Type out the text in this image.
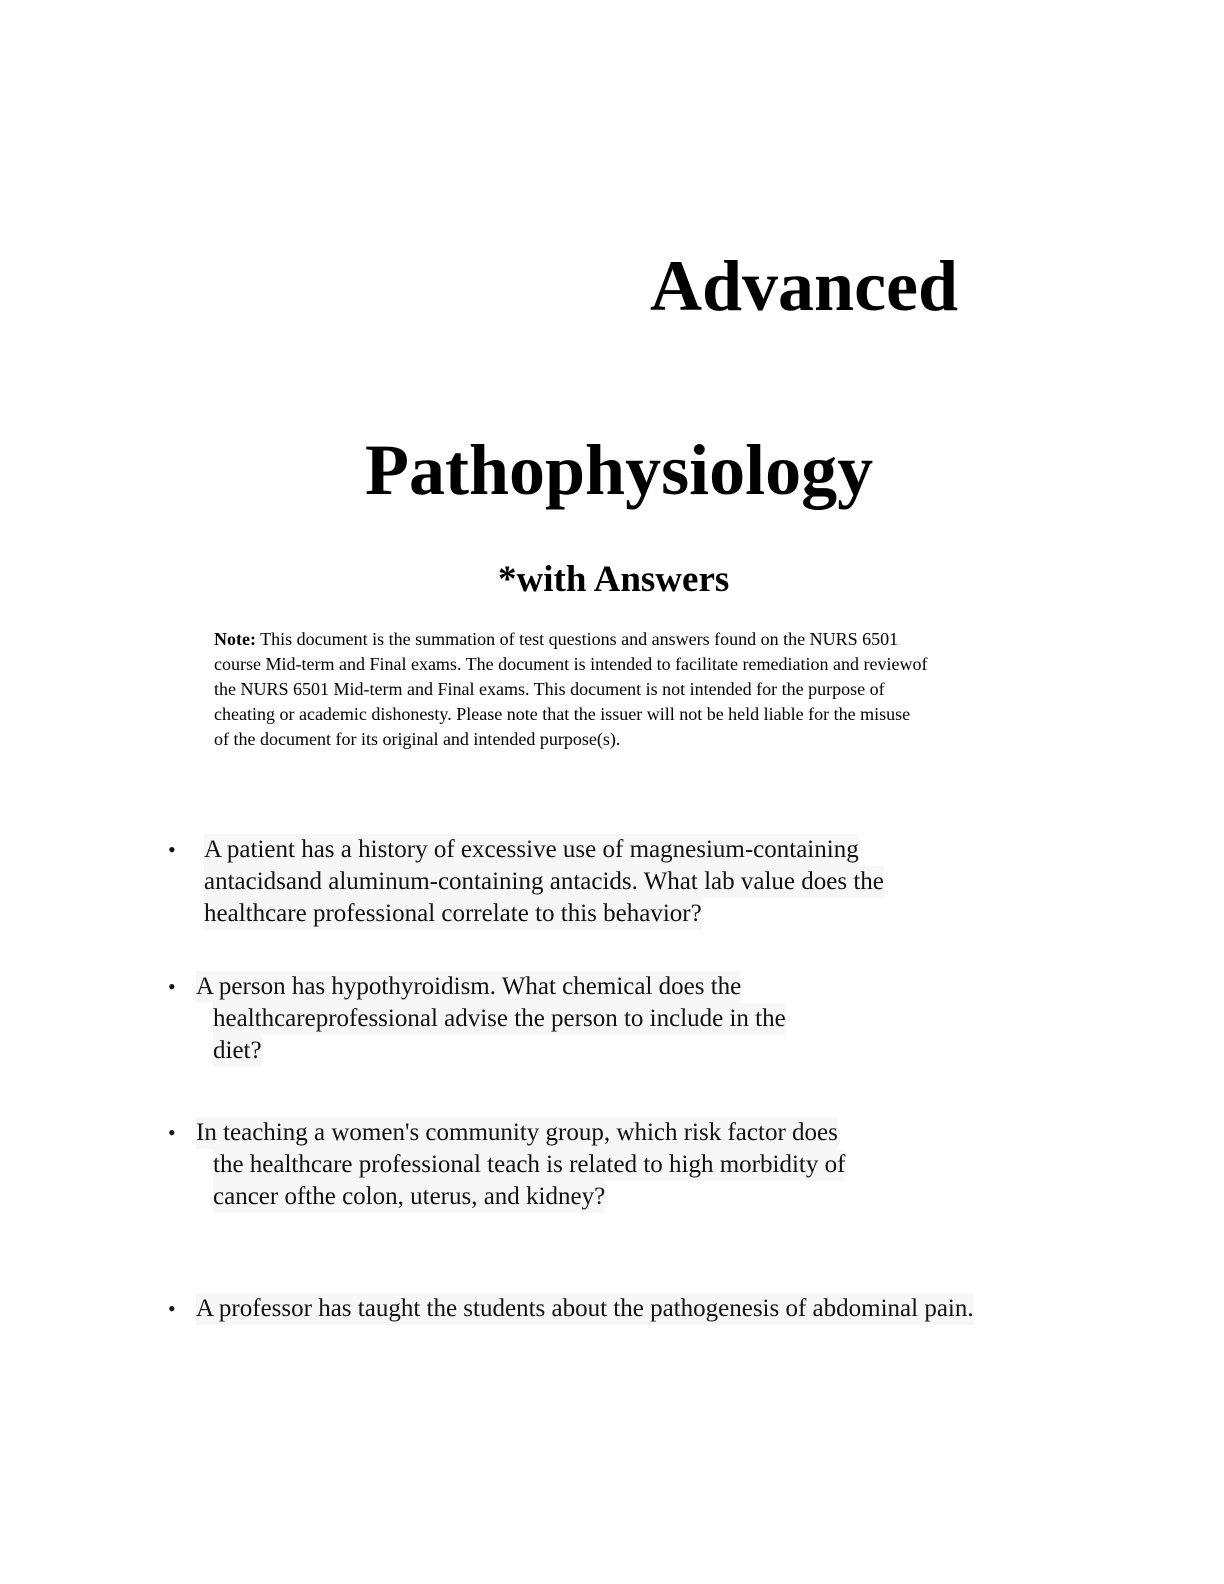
Advanced
Pathophysiology
*with Answers
Note: This document is the summation of test questions and answers found on the NURS 6501
course Mid-term and Final exams. The document is intended to facilitate remediation and reviewof
the NURS 6501 Mid-term and Final exams. This document is not intended for the purpose of
cheating or academic dishonesty. Please note that the issuer will not be held liable for the misuse
of the document for its original and intended purpose(s).
• A patient has a history of excessive use of magnesium-containing
antacidsand aluminum-containing antacids. What lab value does the
healthcare professional correlate to this behavior?
• A person has hypothyroidism. What chemical does the
healthcareprofessional advise the person to include in the
diet?
• In teaching a women's community group, which risk factor does
the healthcare professional teach is related to high morbidity of
cancer ofthe colon, uterus, and kidney?
• A professor has taught the students about the pathogenesis of abdominal pain.
